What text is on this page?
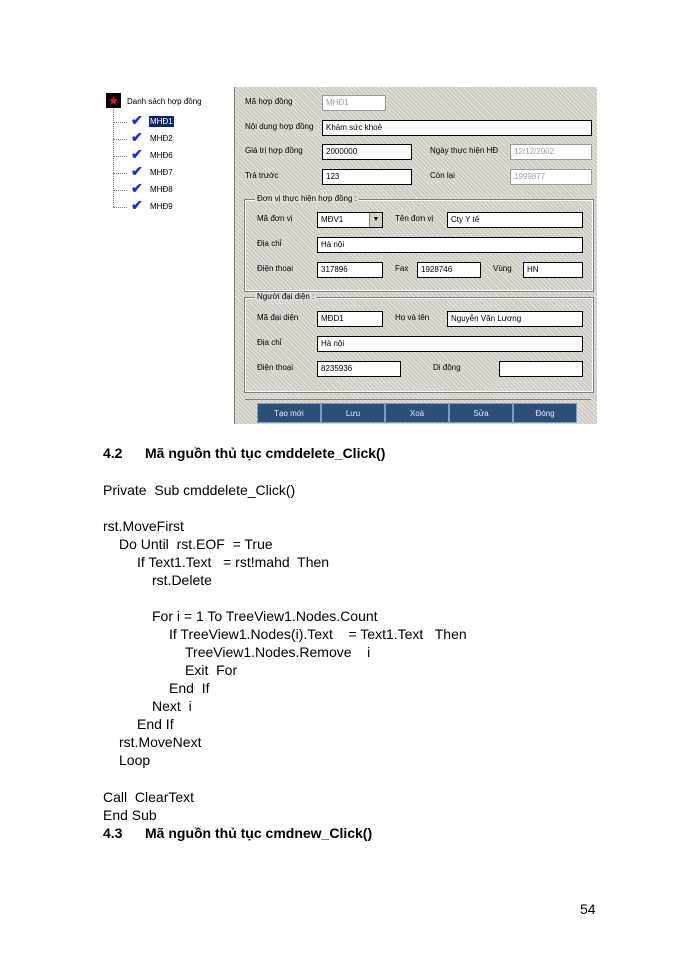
★ Danh sách hợp đồng
✔ MHĐ1
✔ MHĐ2
✔ MHĐ6
✔ MHĐ7
✔ MHĐ8
✔ MHĐ9
Mã hợp đồng	MHĐ1
Nội dung hợp đồng	Khám sức khoẻ
Giá trị hợp đồng	2000000	Ngày thực hiện HĐ	12/12/2002
Trả trước	123	Còn lại	1999877
Đơn vị thực hiện hợp đồng :
Mã đơn vị	MĐV1	▼	Tên đơn vị	Cty Y tế
Địa chỉ	Hà nội
Điện thoại	317896	Fax	1928746	Vùng	HN
Người đại diện :
Mã đại diện	MĐD1	Họ và tên	Nguyễn Văn Lương
Địa chỉ	Hà nội
Điện thoại	8235936	Di động
Tạo mới	Lưu	Xoá	Sửa	Đóng
4.2 Mã nguồn thủ tục cmddelete_Click()
Private  Sub cmddelete_Click()
rst.MoveFirst
Do Until  rst.EOF  = True
If Text1.Text   = rst!mahd  Then
rst.Delete
For i = 1 To TreeView1.Nodes.Count
If TreeView1.Nodes(i).Text    = Text1.Text   Then
TreeView1.Nodes.Remove    i
Exit  For
End  If
Next  i
End If
rst.MoveNext
Loop
Call  ClearText
End Sub
4.3 Mã nguồn thủ tục cmdnew_Click()
54
